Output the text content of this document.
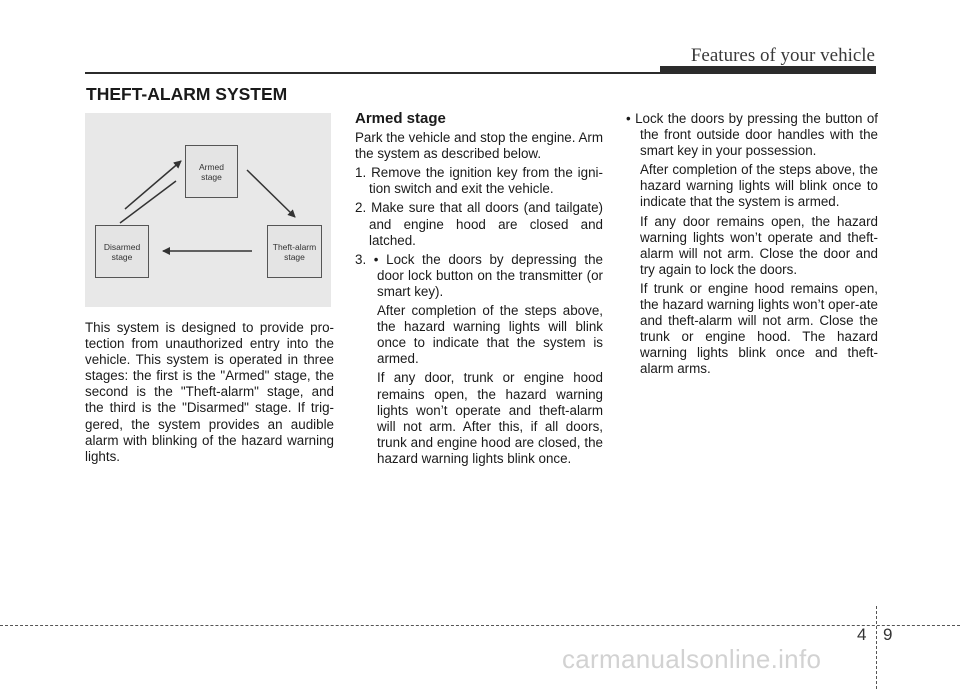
Features of your vehicle
THEFT-ALARM SYSTEM
Armed
stage
Disarmed
stage
Theft-alarm
stage

This system is designed to provide pro-tection from unauthorized entry into the vehicle. This system is operated in three stages: the first is the "Armed" stage, the second is the "Theft-alarm" stage, and the third is the "Disarmed" stage. If trig-gered, the system provides an audible alarm with blinking of the hazard warning lights.

Armed stage

Park the vehicle and stop the engine. Arm the system as described below.

1. Remove the ignition key from the igni-tion switch and exit the vehicle.

2. Make sure that all doors (and tailgate) and engine hood are closed and latched.

3. • Lock the doors by depressing the door lock button on the transmitter (or smart key).

After completion of the steps above, the hazard warning lights will blink once to indicate that the system is armed.

If any door, trunk or engine hood remains open, the hazard warning lights won’t operate and theft-alarm will not arm. After this, if all doors, trunk and engine hood are closed, the hazard warning lights blink once.

• Lock the doors by pressing the button of the front outside door handles with the smart key in your possession.

After completion of the steps above, the hazard warning lights will blink once to indicate that the system is armed.

If any door remains open, the hazard warning lights won’t operate and theft-alarm will not arm. Close the door and try again to lock the doors.

If trunk or engine hood remains open, the hazard warning lights won’t oper-ate and theft-alarm will not arm. Close the trunk or engine hood. The hazard warning lights blink once and theft-alarm arms.

4 9
carmanualsonline.info
